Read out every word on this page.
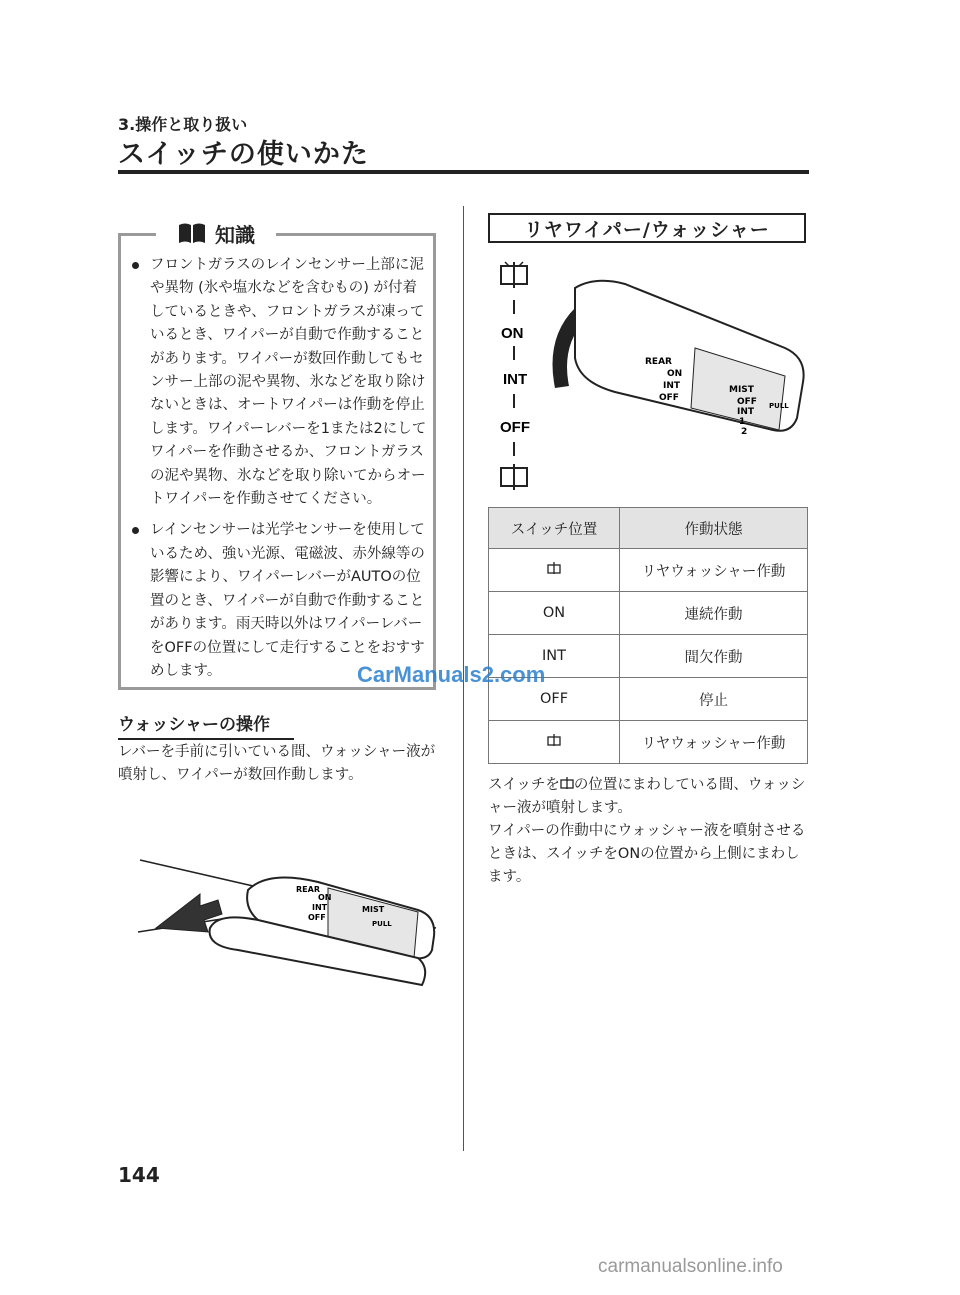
3.操作と取り扱い
スイッチの使いかた
知識
フロントガラスのレインセンサー上部に泥や異物 (氷や塩水などを含むもの) が付着しているときや、フロントガラスが凍っているとき、ワイパーが自動で作動することがあります。ワイパーが数回作動してもセンサー上部の泥や異物、氷などを取り除けないときは、オートワイパーは作動を停止します。ワイパーレバーを1または2にしてワイパーを作動させるか、フロントガラスの泥や異物、氷などを取り除いてからオートワイパーを作動させてください。
レインセンサーは光学センサーを使用しているため、強い光源、電磁波、赤外線等の影響により、ワイパーレバーがAUTOの位置のとき、ワイパーが自動で作動することがあります。雨天時以外はワイパーレバーをOFFの位置にして走行することをおすすめします。
ウォッシャーの操作
レバーを手前に引いている間、ウォッシャー液が噴射し、ワイパーが数回作動します。
REAR
ON
INT
OFF
MIST
PULL
リヤワイパー/ウォッシャー
ON
INT
OFF
REAR
ON
INT
OFF
MIST
OFF
INT
1
2
PULL
スイッチ位置	作動状態
	リヤウォッシャー作動
ON	連続作動
INT	間欠作動
OFF	停止
	リヤウォッシャー作動
スイッチを の位置にまわしている間、ウォッシャー液が噴射します。
ワイパーの作動中にウォッシャー液を噴射させるときは、スイッチをONの位置から上側にまわします。
144
CarManuals2.com
carmanualsonline.info
